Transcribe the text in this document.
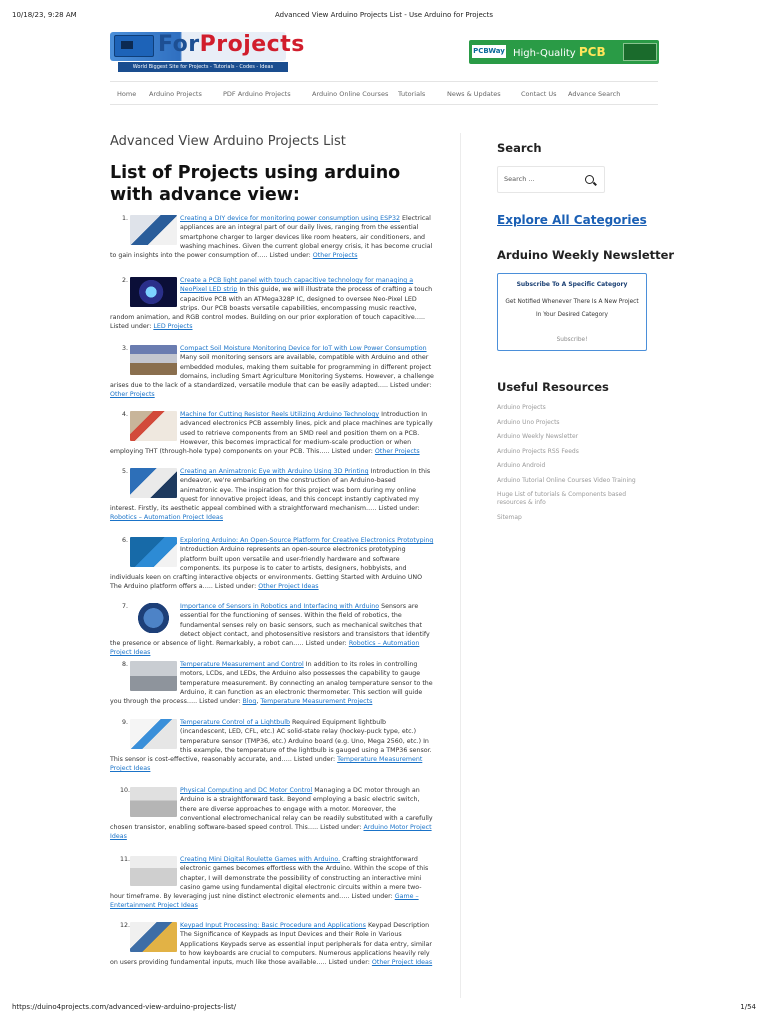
10/18/23, 9:28 AM	Advanced View Arduino Projects List - Use Arduino for Projects
ForProjects
World Biggest Site for Projects - Tutorials - Codes - Ideas
PCBWay High-Quality PCB
Home Arduino Projects	PDF Arduino Projects	Arduino Online Courses Tutorials	News & Updates	Contact Us Advance Search
Advanced View Arduino Projects List
List of Projects using arduino with advance view:
1.	Creating a DIY device for monitoring power consumption using ESP32 Electrical appliances are an integral part of our daily lives, ranging from the essential smartphone charger to larger devices like room heaters, air conditioners, and washing machines. Given the current global energy crisis, it has become crucial to gain insights into the power consumption of….. Listed under: Other Projects
2.	Create a PCB light panel with touch capacitive technology for managing a NeoPixel LED strip In this guide, we will illustrate the process of crafting a touch capacitive PCB with an ATMega328P IC, designed to oversee Neo-Pixel LED strips. Our PCB boasts versatile capabilities, encompassing music reactive, random animation, and RGB control modes. Building on our prior exploration of touch capacitive….. Listed under: LED Projects
3.	Compact Soil Moisture Monitoring Device for IoT with Low Power Consumption Many soil monitoring sensors are available, compatible with Arduino and other embedded modules, making them suitable for programming in different project domains, including Smart Agriculture Monitoring Systems. However, a challenge arises due to the lack of a standardized, versatile module that can be easily adapted….. Listed under: Other Projects
4.	Machine for Cutting Resistor Reels Utilizing Arduino Technology Introduction In advanced electronics PCB assembly lines, pick and place machines are typically used to retrieve components from an SMD reel and position them on a PCB. However, this becomes impractical for medium-scale production or when employing THT (through-hole type) components on your PCB. This….. Listed under: Other Projects
5.	Creating an Animatronic Eye with Arduino Using 3D Printing Introduction In this endeavor, we're embarking on the construction of an Arduino-based animatronic eye. The inspiration for this project was born during my online quest for innovative project ideas, and this concept instantly captivated my interest. Firstly, its aesthetic appeal combined with a straightforward mechanism….. Listed under: Robotics – Automation Project Ideas
6.	Exploring Arduino: An Open-Source Platform for Creative Electronics Prototyping Introduction Arduino represents an open-source electronics prototyping platform built upon versatile and user-friendly hardware and software components. Its purpose is to cater to artists, designers, hobbyists, and individuals keen on crafting interactive objects or environments. Getting Started with Arduino UNO The Arduino platform offers a….. Listed under: Other Project Ideas
7.	Importance of Sensors in Robotics and Interfacing with Arduino Sensors are essential for the functioning of senses. Within the field of robotics, the fundamental senses rely on basic sensors, such as mechanical switches that detect object contact, and photosensitive resistors and transistors that identify the presence or absence of light. Remarkably, a robot can….. Listed under: Robotics – Automation Project Ideas
8.	Temperature Measurement and Control In addition to its roles in controlling motors, LCDs, and LEDs, the Arduino also possesses the capability to gauge temperature measurement. By connecting an analog temperature sensor to the Arduino, it can function as an electronic thermometer. This section will guide you through the process….. Listed under: Blog, Temperature Measurement Projects
9.	Temperature Control of a Lightbulb Required Equipment lightbulb (incandescent, LED, CFL, etc.) AC solid-state relay (hockey-puck type, etc.) temperature sensor (TMP36, etc.) Arduino board (e.g. Uno, Mega 2560, etc.) In this example, the temperature of the lightbulb is gauged using a TMP36 sensor. This sensor is cost-effective, reasonably accurate, and….. Listed under: Temperature Measurement Project Ideas
10.	Physical Computing and DC Motor Control Managing a DC motor through an Arduino is a straightforward task. Beyond employing a basic electric switch, there are diverse approaches to engage with a motor. Moreover, the conventional electromechanical relay can be readily substituted with a carefully chosen transistor, enabling software-based speed control. This….. Listed under: Arduino Motor Project Ideas
11.	Creating Mini Digital Roulette Games with Arduino. Crafting straightforward electronic games becomes effortless with the Arduino. Within the scope of this chapter, I will demonstrate the possibility of constructing an interactive mini casino game using fundamental digital electronic circuits within a mere two-hour timeframe. By leveraging just nine distinct electronic elements and….. Listed under: Game – Entertainment Project Ideas
12.	Keypad Input Processing: Basic Procedure and Applications Keypad Description The Significance of Keypads as Input Devices and their Role in Various Applications Keypads serve as essential input peripherals for data entry, similar to how keyboards are crucial to computers. Numerous applications heavily rely on users providing fundamental inputs, much like those available….. Listed under: Other Project Ideas
Search
Search ...
Explore All Categories
Arduino Weekly Newsletter
Subscribe To A Specific Category
Get Notified Whenever There Is A New Project In Your Desired Category
Subscribe!
Useful Resources
Arduino Projects
Arduino Uno Projects
Arduino Weekly Newsletter
Arduino Projects RSS Feeds
Arduino Android
Arduino Tutorial Online Courses Video Training
Huge List of tutorials & Components based resources & info
Sitemap
https://duino4projects.com/advanced-view-arduino-projects-list/	1/54
